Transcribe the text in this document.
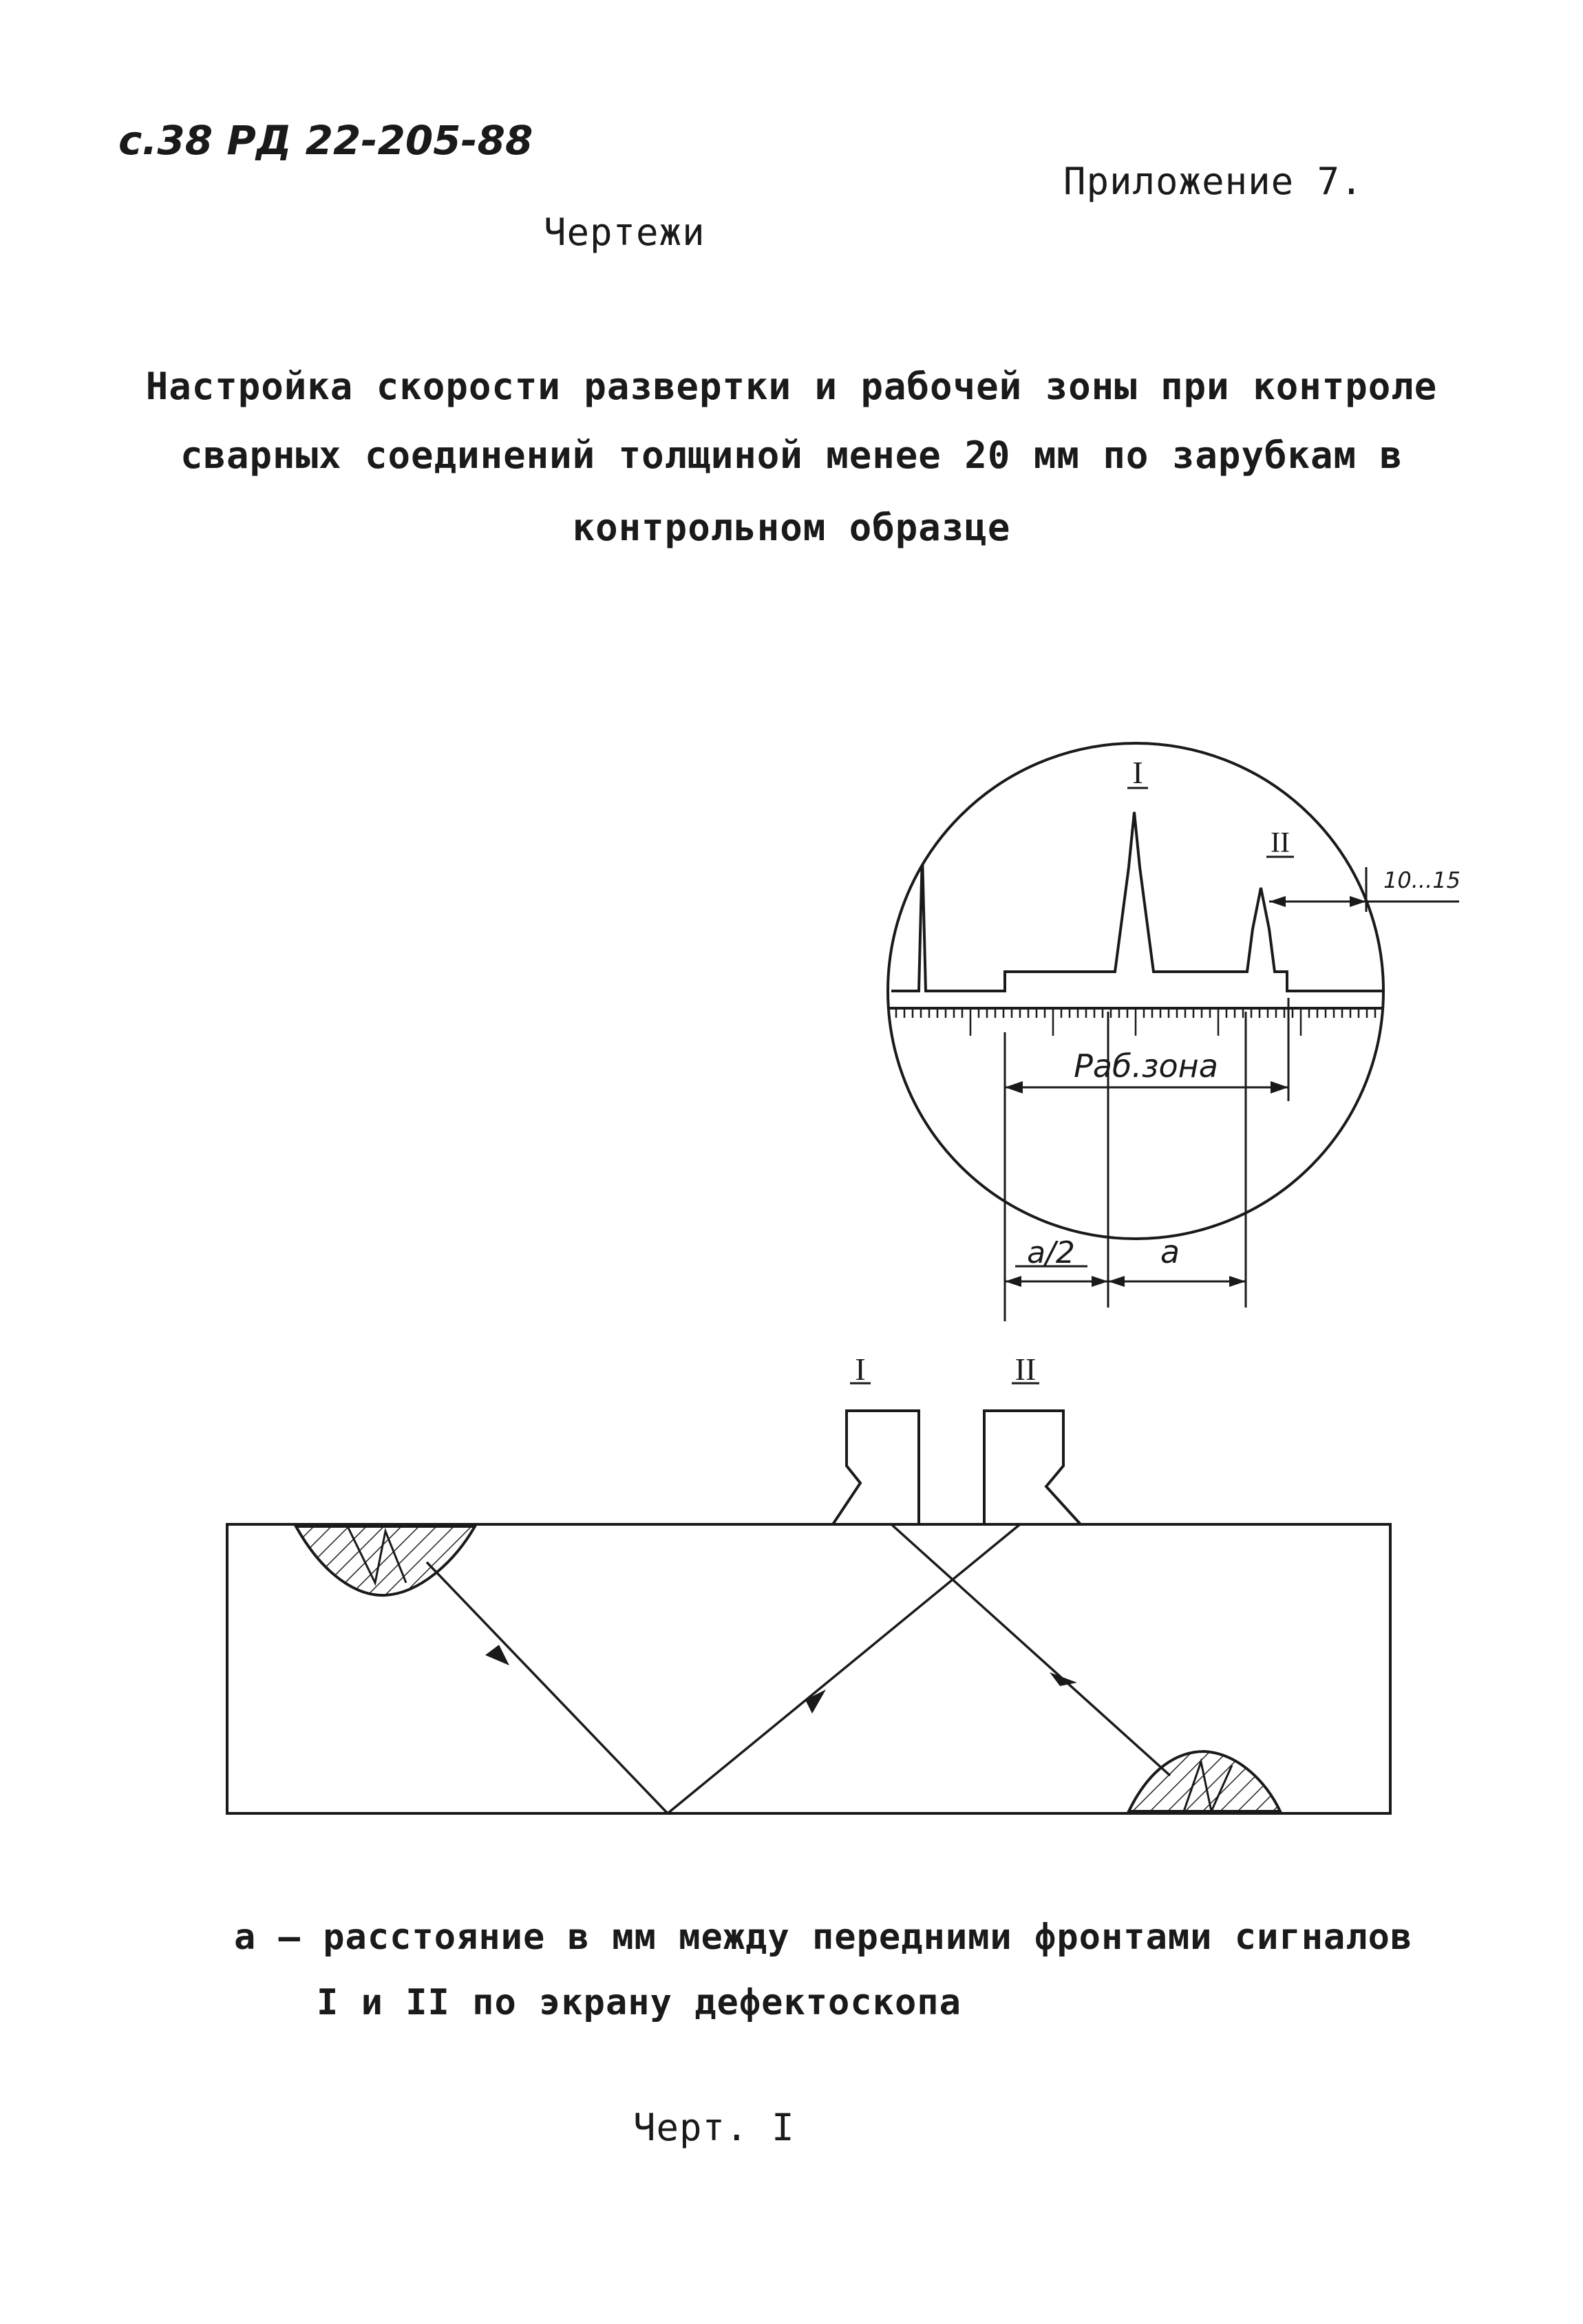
с.38 РД 22-205-88
Приложение 7.
Чертежи
Настройка скорости развертки и рабочей зоны при контроле
сварных соединений толщиной менее 20 мм по зарубкам в
контрольном образце
I
II
10...15
Раб.зона
a/2	a
I	II
а – расстояние в мм между передними фронтами сигналов
I и II по экрану дефектоскопа
Черт. I
